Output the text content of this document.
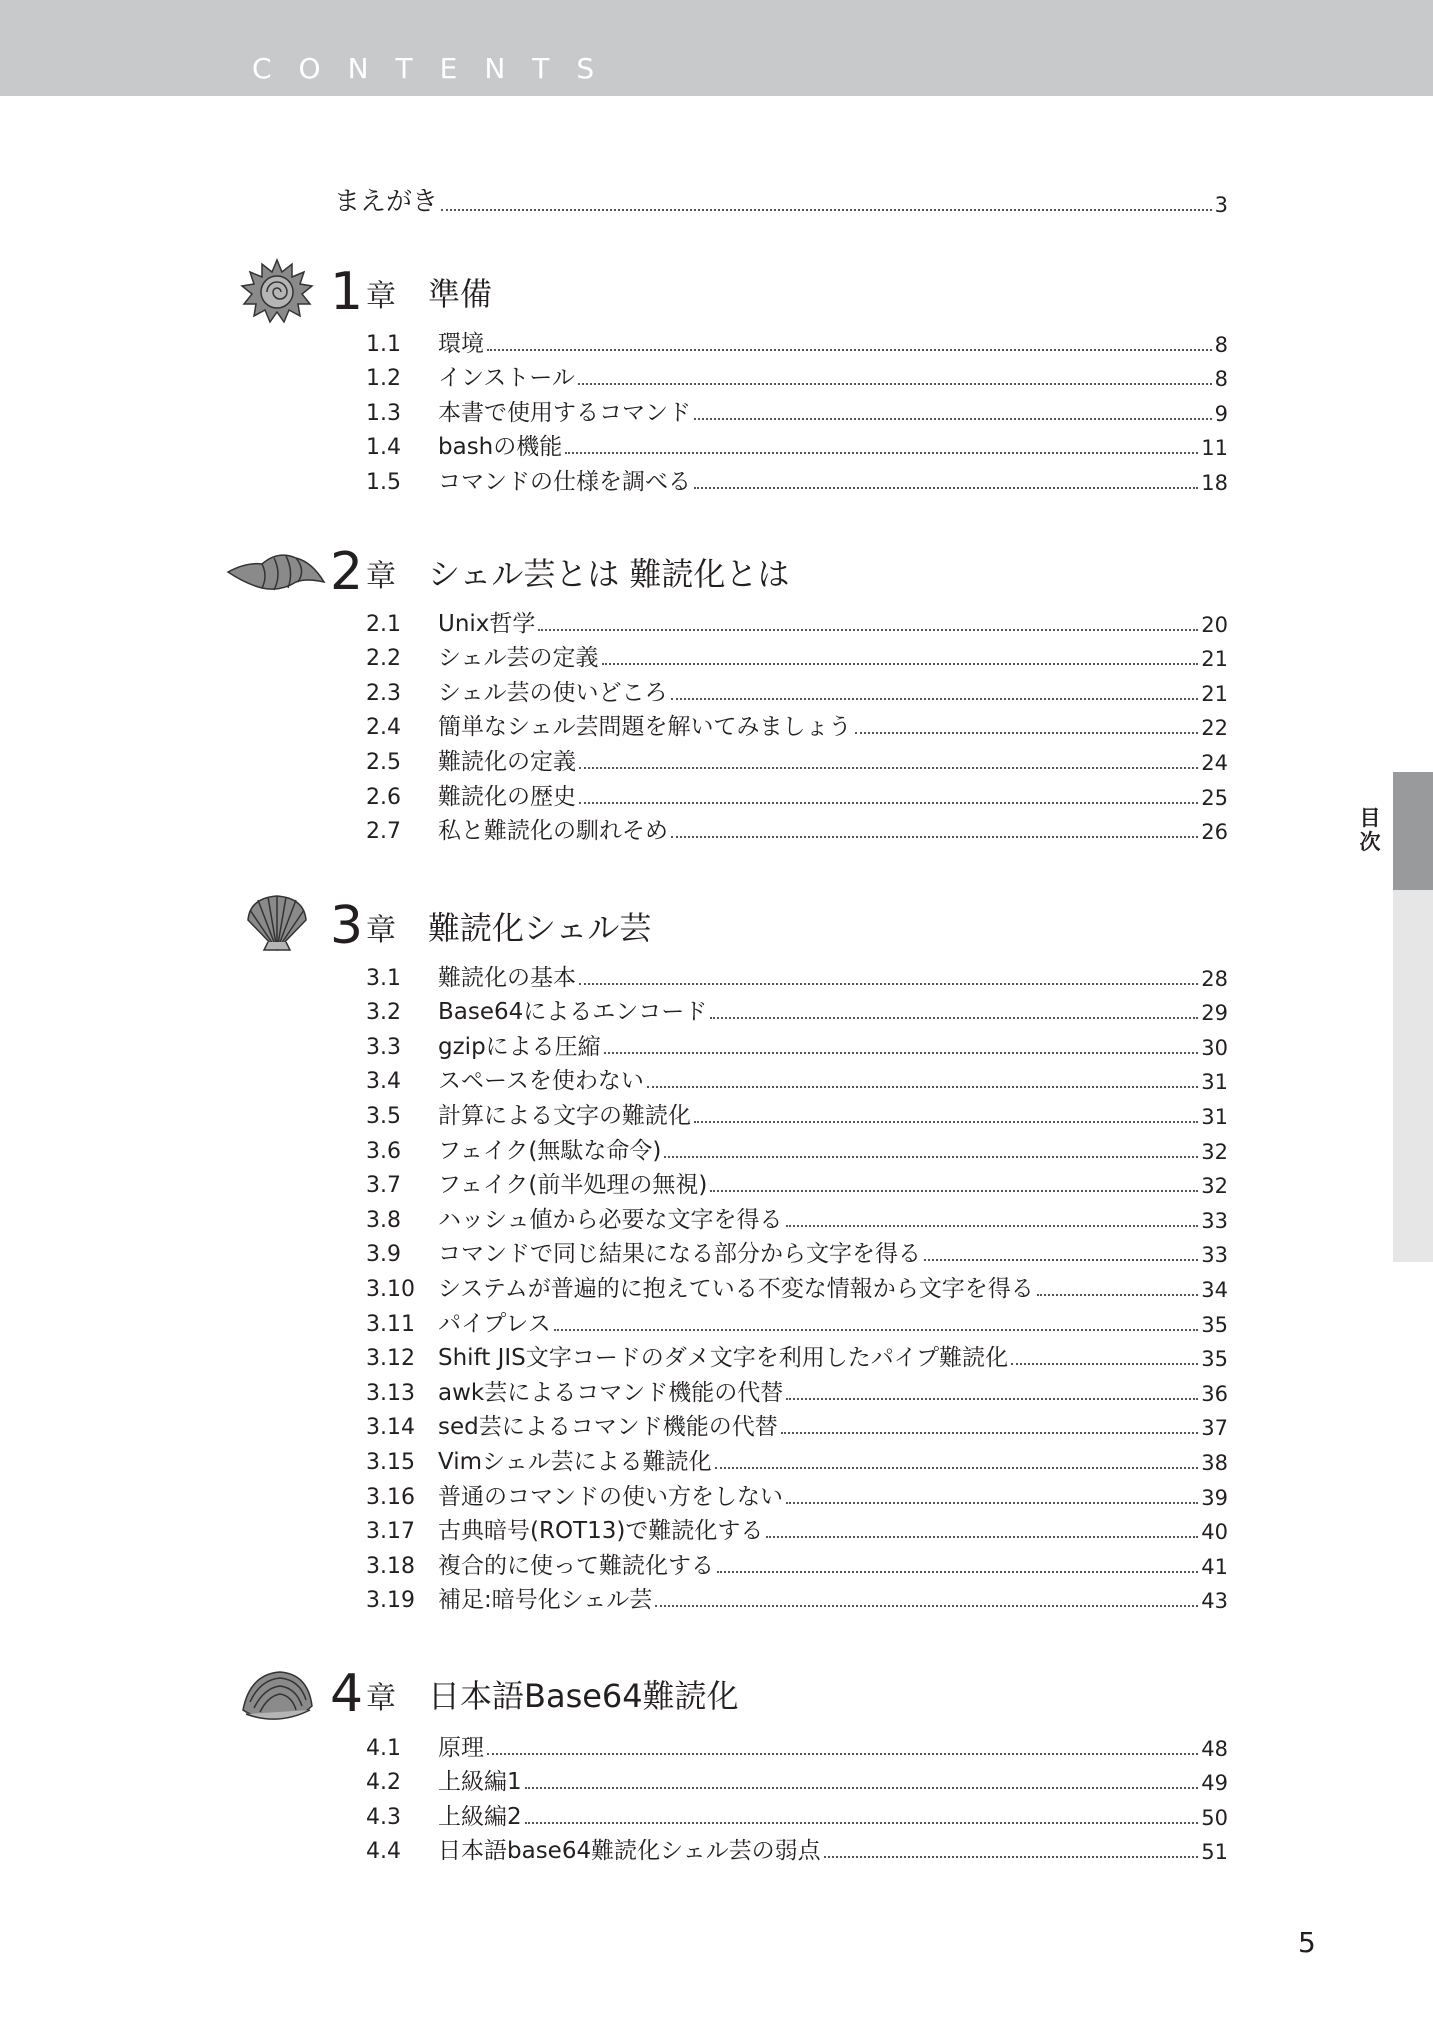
CONTENTS
まえがき	3
1 章 準備
1.1	環境	8
1.2	インストール	8
1.3	本書で使用するコマンド	9
1.4	bashの機能	11
1.5	コマンドの仕様を調べる	18
2 章 シェル芸とは 難読化とは
2.1	Unix哲学	20
2.2	シェル芸の定義	21
2.3	シェル芸の使いどころ	21
2.4	簡単なシェル芸問題を解いてみましょう	22
2.5	難読化の定義	24
2.6	難読化の歴史	25
2.7	私と難読化の馴れそめ	26
3 章 難読化シェル芸
3.1	難読化の基本	28
3.2	Base64によるエンコード	29
3.3	gzipによる圧縮	30
3.4	スペースを使わない	31
3.5	計算による文字の難読化	31
3.6	フェイク(無駄な命令)	32
3.7	フェイク(前半処理の無視)	32
3.8	ハッシュ値から必要な文字を得る	33
3.9	コマンドで同じ結果になる部分から文字を得る	33
3.10	システムが普遍的に抱えている不変な情報から文字を得る	34
3.11	パイプレス	35
3.12	Shift JIS文字コードのダメ文字を利用したパイプ難読化	35
3.13	awk芸によるコマンド機能の代替	36
3.14	sed芸によるコマンド機能の代替	37
3.15	Vimシェル芸による難読化	38
3.16	普通のコマンドの使い方をしない	39
3.17	古典暗号(ROT13)で難読化する	40
3.18	複合的に使って難読化する	41
3.19	補足:暗号化シェル芸	43
4 章 日本語Base64難読化
4.1	原理	48
4.2	上級編1	49
4.3	上級編2	50
4.4	日本語base64難読化シェル芸の弱点	51
目
次
5
